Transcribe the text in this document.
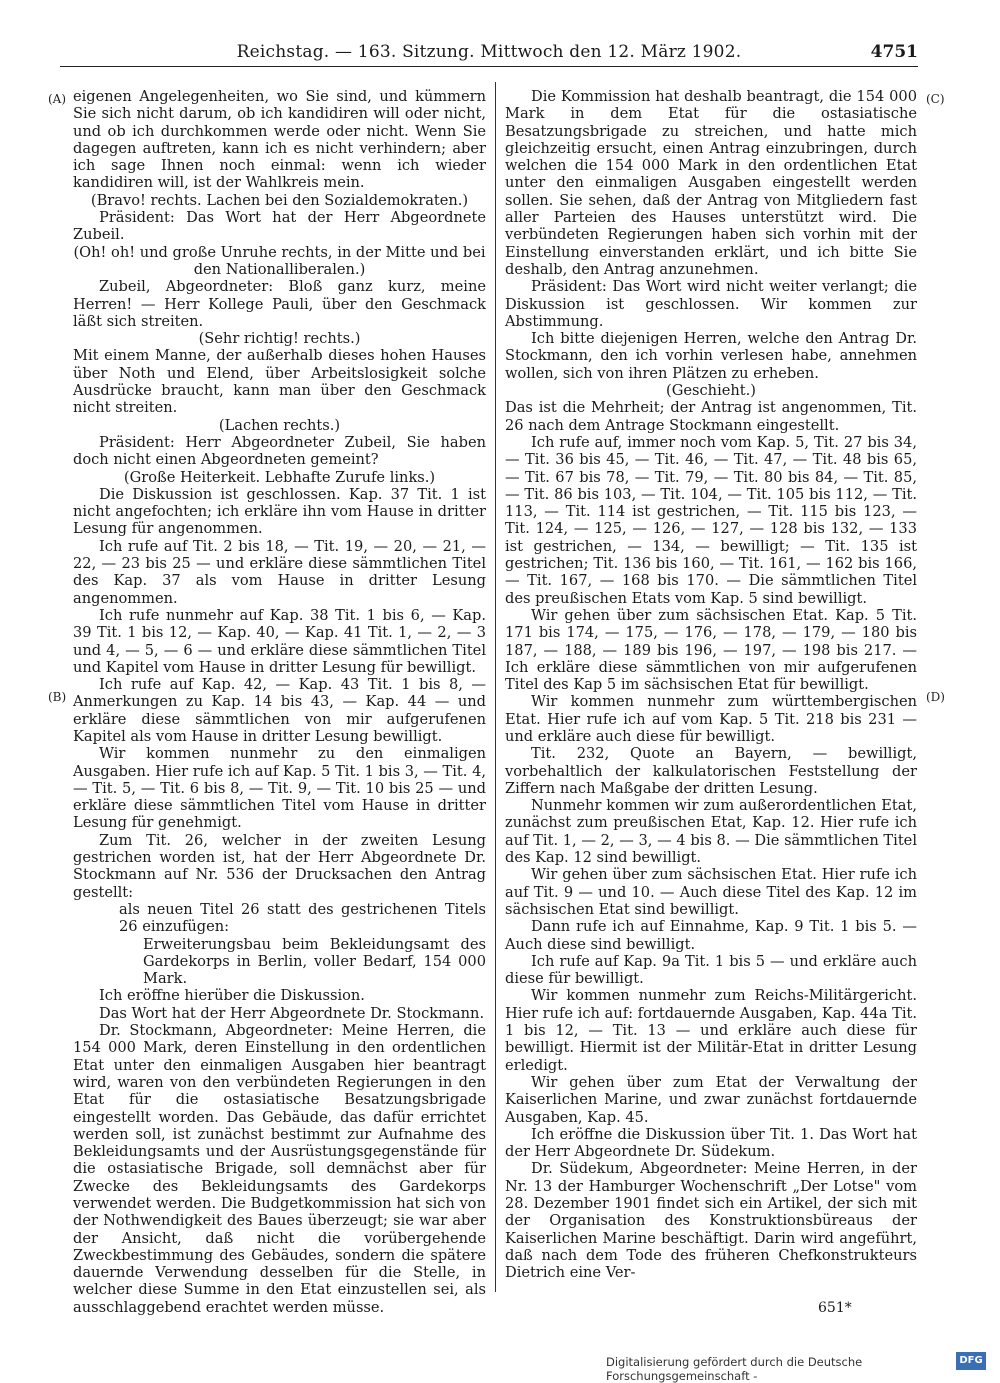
Reichstag. — 163. Sitzung. Mittwoch den 12. März 1902.	4751
(A)
(B)
(C)
(D)

eigenen Angelegenheiten, wo Sie sind, und kümmern Sie sich nicht darum, ob ich kandidiren will oder nicht, und ob ich durchkommen werde oder nicht. Wenn Sie dagegen auftreten, kann ich es nicht verhindern; aber ich sage Ihnen noch einmal: wenn ich wieder kandidiren will, ist der Wahlkreis mein.

(Bravo! rechts. Lachen bei den Sozialdemokraten.)

Präsident: Das Wort hat der Herr Abgeordnete Zubeil.

(Oh! oh! und große Unruhe rechts, in der Mitte und bei den Nationalliberalen.)

Zubeil, Abgeordneter: Bloß ganz kurz, meine Herren! — Herr Kollege Pauli, über den Geschmack läßt sich streiten.

(Sehr richtig! rechts.)

Mit einem Manne, der außerhalb dieses hohen Hauses über Noth und Elend, über Arbeitslosigkeit solche Ausdrücke braucht, kann man über den Geschmack nicht streiten.

(Lachen rechts.)

Präsident: Herr Abgeordneter Zubeil, Sie haben doch nicht einen Abgeordneten gemeint?

(Große Heiterkeit. Lebhafte Zurufe links.)

Die Diskussion ist geschlossen. Kap. 37 Tit. 1 ist nicht angefochten; ich erkläre ihn vom Hause in dritter Lesung für angenommen.

Ich rufe auf Tit. 2 bis 18, — Tit. 19, — 20, — 21, — 22, — 23 bis 25 — und erkläre diese sämmtlichen Titel des Kap. 37 als vom Hause in dritter Lesung angenommen.

Ich rufe nunmehr auf Kap. 38 Tit. 1 bis 6, — Kap. 39 Tit. 1 bis 12, — Kap. 40, — Kap. 41 Tit. 1, — 2, — 3 und 4, — 5, — 6 — und erkläre diese sämmtlichen Titel und Kapitel vom Hause in dritter Lesung für bewilligt.

Ich rufe auf Kap. 42, — Kap. 43 Tit. 1 bis 8, — Anmerkungen zu Kap. 14 bis 43, — Kap. 44 — und erkläre diese sämmtlichen von mir aufgerufenen Kapitel als vom Hause in dritter Lesung bewilligt.

Wir kommen nunmehr zu den einmaligen Ausgaben. Hier rufe ich auf Kap. 5 Tit. 1 bis 3, — Tit. 4, — Tit. 5, — Tit. 6 bis 8, — Tit. 9, — Tit. 10 bis 25 — und erkläre diese sämmtlichen Titel vom Hause in dritter Lesung für genehmigt.

Zum Tit. 26, welcher in der zweiten Lesung gestrichen worden ist, hat der Herr Abgeordnete Dr. Stockmann auf Nr. 536 der Drucksachen den Antrag gestellt:

als neuen Titel 26 statt des gestrichenen Titels 26 einzufügen:

Erweiterungsbau beim Bekleidungsamt des Gardekorps in Berlin, voller Bedarf, 154 000 Mark.

Ich eröffne hierüber die Diskussion.

Das Wort hat der Herr Abgeordnete Dr. Stockmann.

Dr. Stockmann, Abgeordneter: Meine Herren, die 154 000 Mark, deren Einstellung in den ordentlichen Etat unter den einmaligen Ausgaben hier beantragt wird, waren von den verbündeten Regierungen in den Etat für die ostasiatische Besatzungsbrigade eingestellt worden. Das Gebäude, das dafür errichtet werden soll, ist zunächst bestimmt zur Aufnahme des Bekleidungsamts und der Ausrüstungsgegenstände für die ostasiatische Brigade, soll demnächst aber für Zwecke des Bekleidungsamts des Gardekorps verwendet werden. Die Budgetkommission hat sich von der Nothwendigkeit des Baues überzeugt; sie war aber der Ansicht, daß nicht die vorübergehende Zweckbestimmung des Gebäudes, sondern die spätere dauernde Verwendung desselben für die Stelle, in welcher diese Summe in den Etat einzustellen sei, als ausschlaggebend erachtet werden müsse.

Die Kommission hat deshalb beantragt, die 154 000 Mark in dem Etat für die ostasiatische Besatzungsbrigade zu streichen, und hatte mich gleichzeitig ersucht, einen Antrag einzubringen, durch welchen die 154 000 Mark in den ordentlichen Etat unter den einmaligen Ausgaben eingestellt werden sollen. Sie sehen, daß der Antrag von Mitgliedern fast aller Parteien des Hauses unterstützt wird. Die verbündeten Regierungen haben sich vorhin mit der Einstellung einverstanden erklärt, und ich bitte Sie deshalb, den Antrag anzunehmen.

Präsident: Das Wort wird nicht weiter verlangt; die Diskussion ist geschlossen. Wir kommen zur Abstimmung.

Ich bitte diejenigen Herren, welche den Antrag Dr. Stockmann, den ich vorhin verlesen habe, annehmen wollen, sich von ihren Plätzen zu erheben.

(Geschieht.)

Das ist die Mehrheit; der Antrag ist angenommen, Tit. 26 nach dem Antrage Stockmann eingestellt.

Ich rufe auf, immer noch vom Kap. 5, Tit. 27 bis 34, — Tit. 36 bis 45, — Tit. 46, — Tit. 47, — Tit. 48 bis 65, — Tit. 67 bis 78, — Tit. 79, — Tit. 80 bis 84, — Tit. 85, — Tit. 86 bis 103, — Tit. 104, — Tit. 105 bis 112, — Tit. 113, — Tit. 114 ist gestrichen, — Tit. 115 bis 123, — Tit. 124, — 125, — 126, — 127, — 128 bis 132, — 133 ist gestrichen, — 134, — bewilligt; — Tit. 135 ist gestrichen; Tit. 136 bis 160, — Tit. 161, — 162 bis 166, — Tit. 167, — 168 bis 170. — Die sämmtlichen Titel des preußischen Etats vom Kap. 5 sind bewilligt.

Wir gehen über zum sächsischen Etat. Kap. 5 Tit. 171 bis 174, — 175, — 176, — 178, — 179, — 180 bis 187, — 188, — 189 bis 196, — 197, — 198 bis 217. — Ich erkläre diese sämmtlichen von mir aufgerufenen Titel des Kap 5 im sächsischen Etat für bewilligt.

Wir kommen nunmehr zum württembergischen Etat. Hier rufe ich auf vom Kap. 5 Tit. 218 bis 231 — und erkläre auch diese für bewilligt.

Tit. 232, Quote an Bayern, — bewilligt, vorbehaltlich der kalkulatorischen Feststellung der Ziffern nach Maßgabe der dritten Lesung.

Nunmehr kommen wir zum außerordentlichen Etat, zunächst zum preußischen Etat, Kap. 12. Hier rufe ich auf Tit. 1, — 2, — 3, — 4 bis 8. — Die sämmtlichen Titel des Kap. 12 sind bewilligt.

Wir gehen über zum sächsischen Etat. Hier rufe ich auf Tit. 9 — und 10. — Auch diese Titel des Kap. 12 im sächsischen Etat sind bewilligt.

Dann rufe ich auf Einnahme, Kap. 9 Tit. 1 bis 5. — Auch diese sind bewilligt.

Ich rufe auf Kap. 9a Tit. 1 bis 5 — und erkläre auch diese für bewilligt.

Wir kommen nunmehr zum Reichs-Militärgericht. Hier rufe ich auf: fortdauernde Ausgaben, Kap. 44a Tit. 1 bis 12, — Tit. 13 — und erkläre auch diese für bewilligt. Hiermit ist der Militär-Etat in dritter Lesung erledigt.

Wir gehen über zum Etat der Verwaltung der Kaiserlichen Marine, und zwar zunächst fortdauernde Ausgaben, Kap. 45.

Ich eröffne die Diskussion über Tit. 1. Das Wort hat der Herr Abgeordnete Dr. Südekum.

Dr. Südekum, Abgeordneter: Meine Herren, in der Nr. 13 der Hamburger Wochenschrift „Der Lotse" vom 28. Dezember 1901 findet sich ein Artikel, der sich mit der Organisation des Konstruktionsbüreaus der Kaiserlichen Marine beschäftigt. Darin wird angeführt, daß nach dem Tode des früheren Chefkonstrukteurs Dietrich eine Ver-

651*
Digitalisierung gefördert durch die Deutsche Forschungsgemeinschaft -
DFG
